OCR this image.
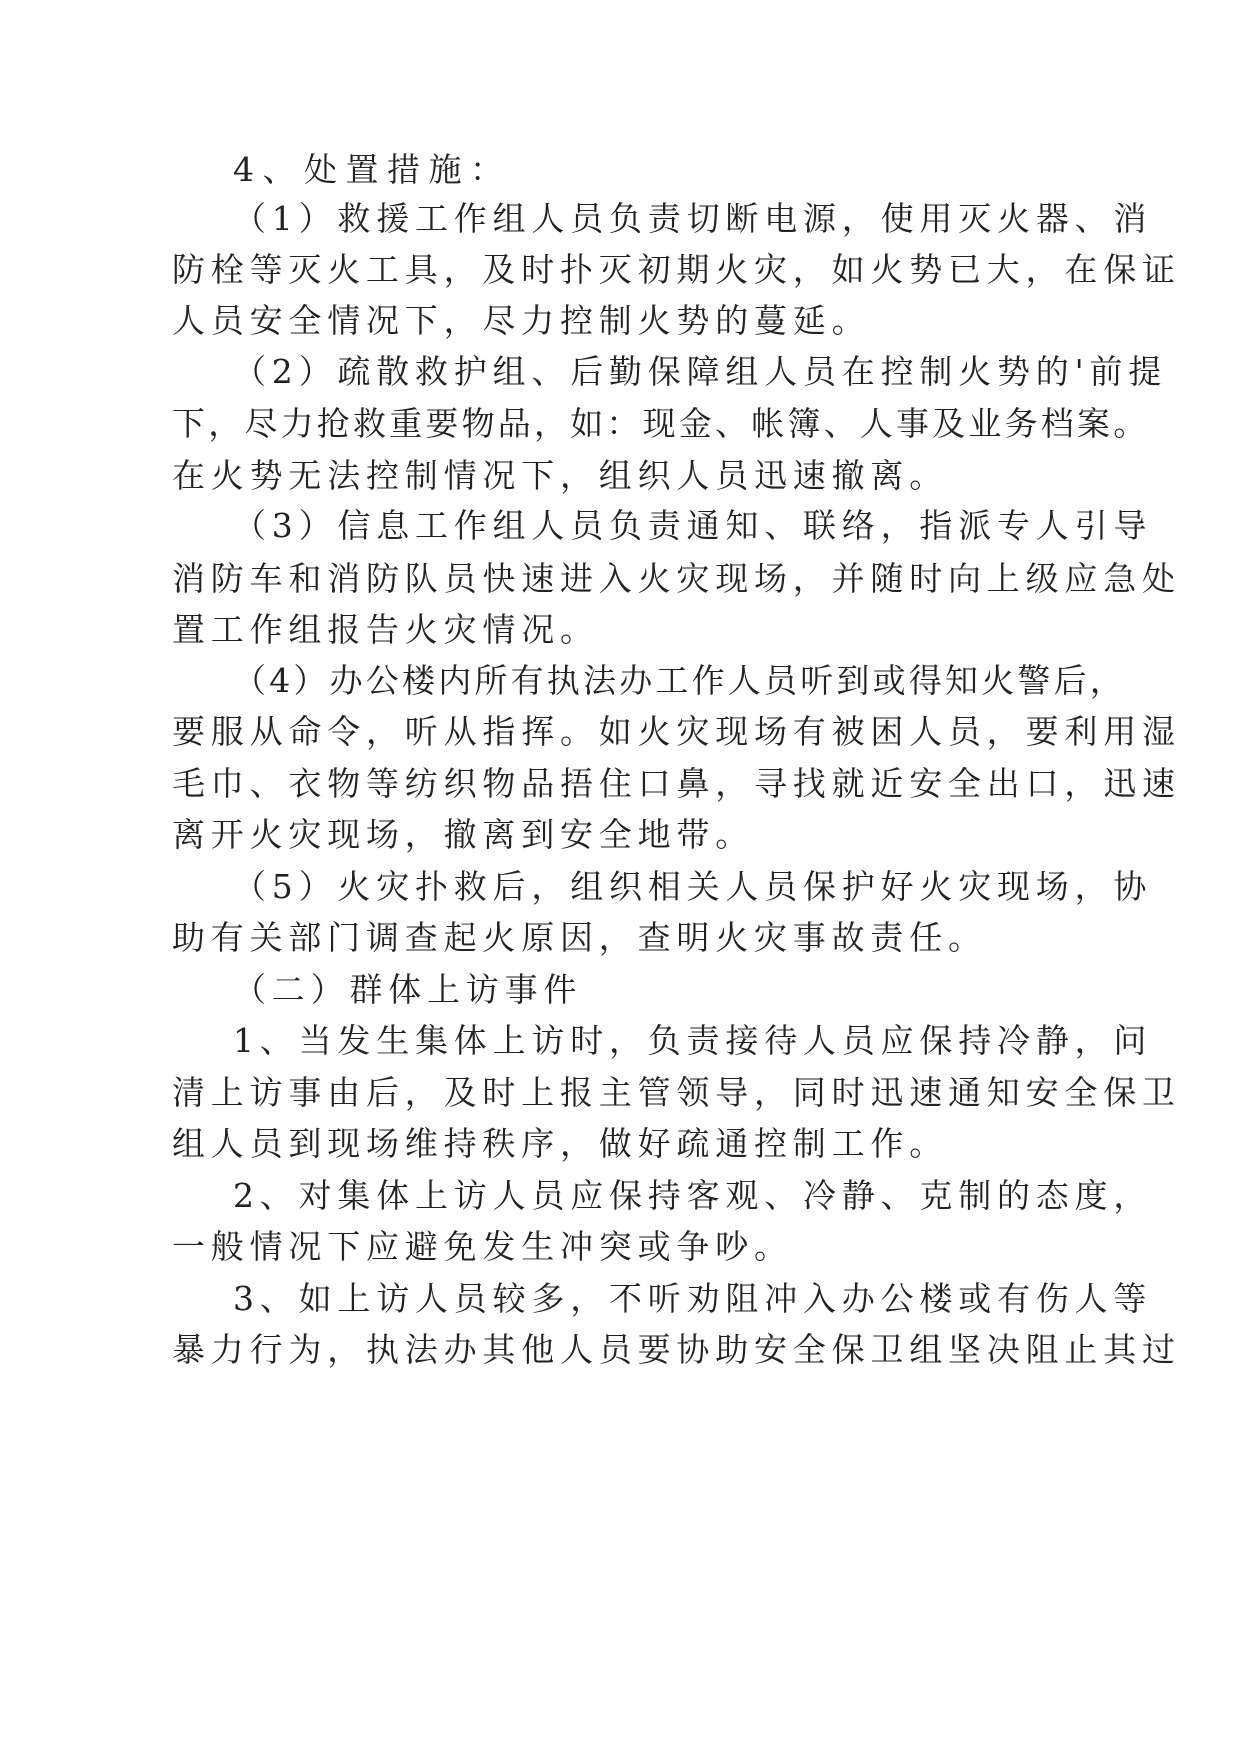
4、处置措施：

（1）救援工作组人员负责切断电源，使用灭火器、消

防栓等灭火工具，及时扑灭初期火灾，如火势已大，在保证

人员安全情况下，尽力控制火势的蔓延。

（2）疏散救护组、后勤保障组人员在控制火势的'前提

下，尽力抢救重要物品，如：现金、帐簿、人事及业务档案。

在火势无法控制情况下，组织人员迅速撤离。

（3）信息工作组人员负责通知、联络，指派专人引导

消防车和消防队员快速进入火灾现场，并随时向上级应急处

置工作组报告火灾情况。

（4）办公楼内所有执法办工作人员听到或得知火警后，

要服从命令，听从指挥。如火灾现场有被困人员，要利用湿

毛巾、衣物等纺织物品捂住口鼻，寻找就近安全出口，迅速

离开火灾现场，撤离到安全地带。

（5）火灾扑救后，组织相关人员保护好火灾现场，协

助有关部门调查起火原因，查明火灾事故责任。

（二）群体上访事件

1、当发生集体上访时，负责接待人员应保持冷静，问

清上访事由后，及时上报主管领导，同时迅速通知安全保卫

组人员到现场维持秩序，做好疏通控制工作。

2、对集体上访人员应保持客观、冷静、克制的态度，

一般情况下应避免发生冲突或争吵。

3、如上访人员较多，不听劝阻冲入办公楼或有伤人等

暴力行为，执法办其他人员要协助安全保卫组坚决阻止其过
